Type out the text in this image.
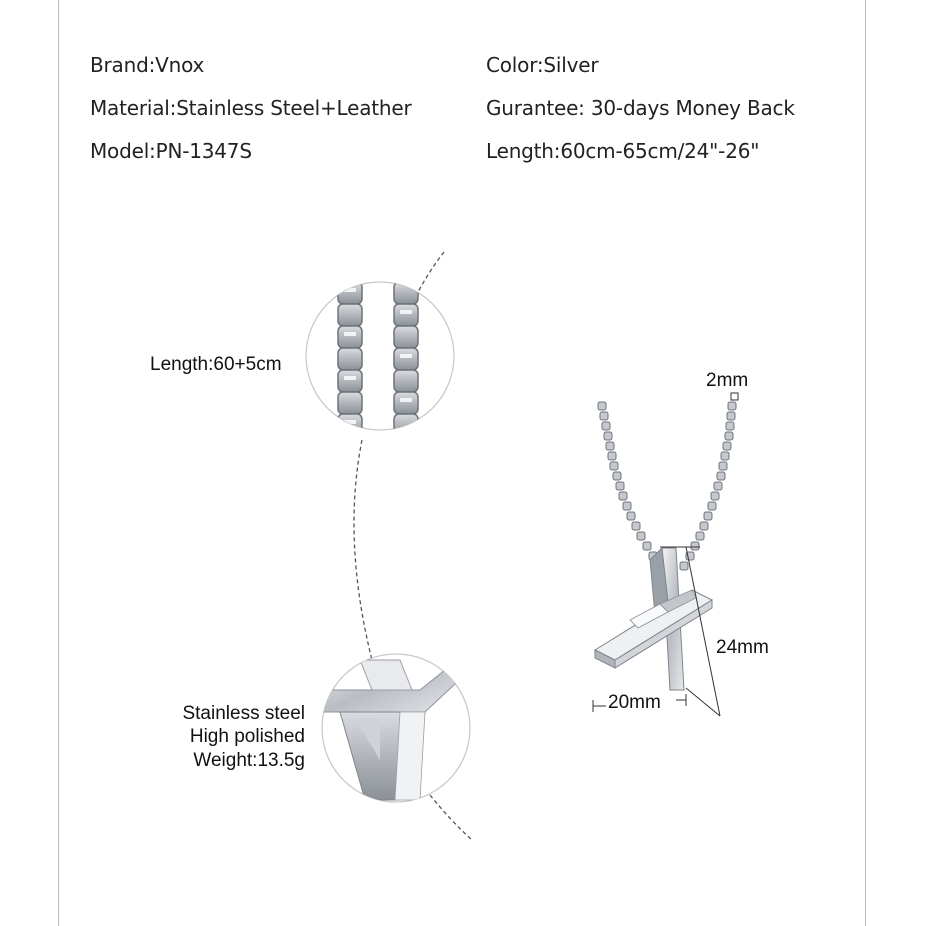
Brand:Vnox
Material:Stainless Steel+Leather
Model:PN-1347S
Color:Silver
Gurantee: 30-days Money Back
Length:60cm-65cm/24"-26"
Length:60+5cm
Stainless steel
High polished
Weight:13.5g
2mm
24mm
20mm
